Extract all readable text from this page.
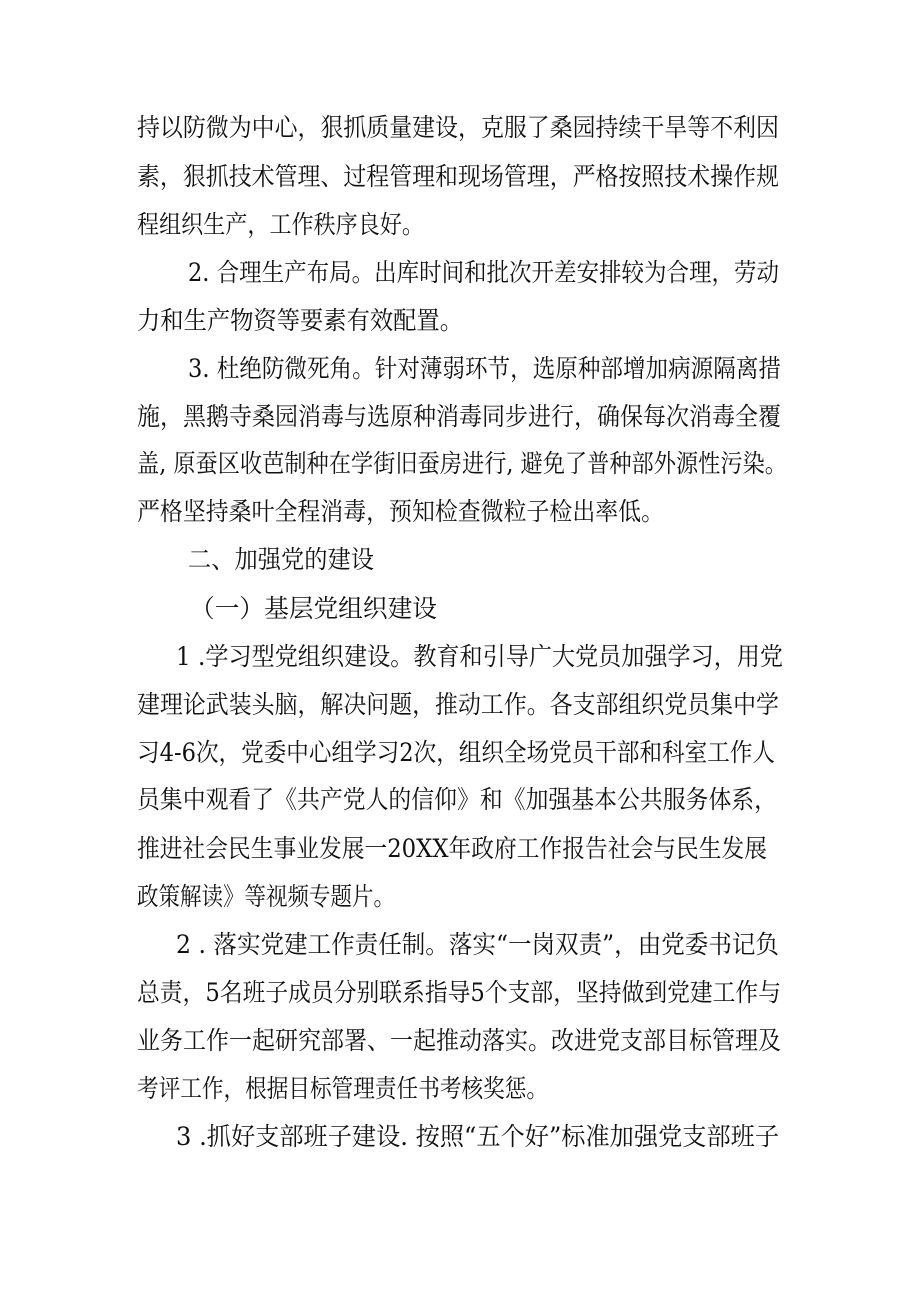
持以防微为中心，狠抓质量建设，克服了桑园持续干旱等不利因
素，狠抓技术管理、过程管理和现场管理，严格按照技术操作规
程组织生产，工作秩序良好。
2. 合理生产布局。出库时间和批次开差安排较为合理，劳动
力和生产物资等要素有效配置。
3. 杜绝防微死角。针对薄弱环节，选原种部增加病源隔离措
施，黑鹅寺桑园消毒与选原种消毒同步进行，确保每次消毒全覆
盖, 原蚕区收芭制种在学街旧蚕房进行, 避免了普种部外源性污染。
严格坚持桑叶全程消毒，预知检查微粒子检出率低。
二、加强党的建设
（一）基层党组织建设
1 .学习型党组织建设。教育和引导广大党员加强学习，用党
建理论武装头脑，解决问题，推动工作。各支部组织党员集中学
习4-6次，党委中心组学习2次，组织全场党员干部和科室工作人
员集中观看了《共产党人的信仰》和《加强基本公共服务体系，
推进社会民生事业发展一20XX年政府工作报告社会与民生发展
政策解读》等视频专题片。
2 . 落实党建工作责任制。落实“一岗双责”，由党委书记负
总责，5名班子成员分别联系指导5个支部，坚持做到党建工作与
业务工作一起研究部署、一起推动落实。改进党支部目标管理及
考评工作，根据目标管理责任书考核奖惩。
3 .抓好支部班子建设. 按照“五个好”标准加强党支部班子
